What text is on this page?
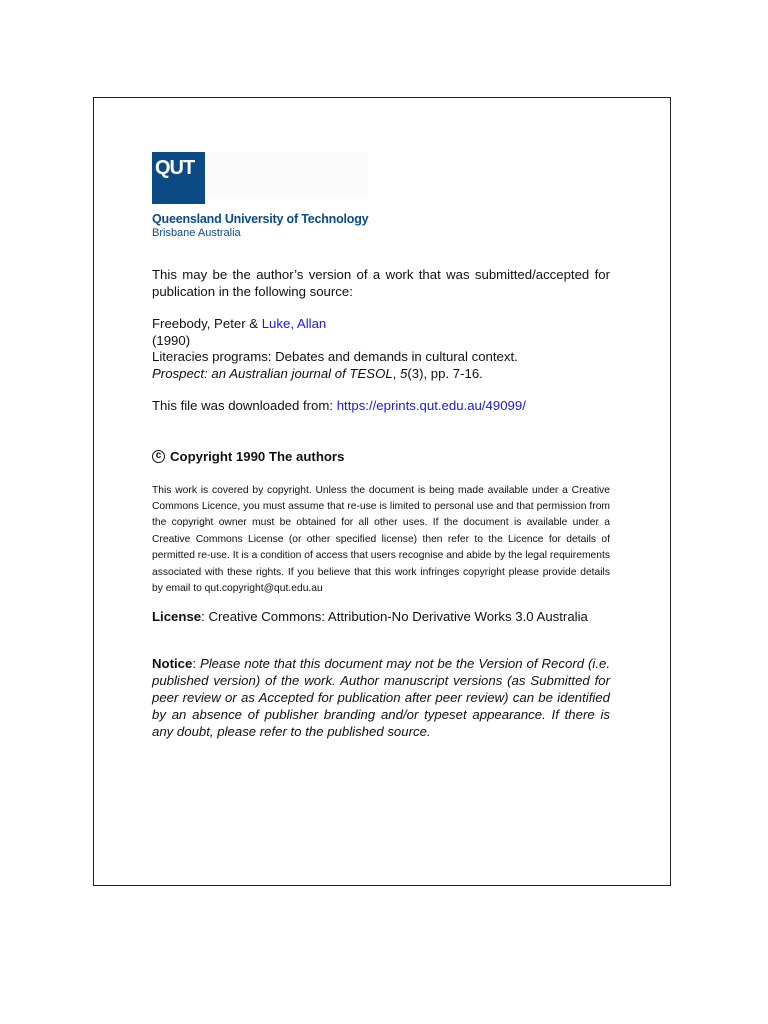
QUT
Queensland University of Technology
Brisbane Australia
This may be the author’s version of a work that was submitted/accepted for publication in the following source:
Freebody, Peter & Luke, Allan
(1990)
Literacies programs: Debates and demands in cultural context.
Prospect: an Australian journal of TESOL, 5(3), pp. 7-16.
This file was downloaded from: https://eprints.qut.edu.au/49099/
c Copyright 1990 The authors
This work is covered by copyright. Unless the document is being made available under a Creative Commons Licence, you must assume that re-use is limited to personal use and that permission from the copyright owner must be obtained for all other uses. If the document is available under a Creative Commons License (or other specified license) then refer to the Licence for details of permitted re-use. It is a condition of access that users recognise and abide by the legal requirements associated with these rights. If you believe that this work infringes copyright please provide details by email to qut.copyright@qut.edu.au
License: Creative Commons: Attribution-No Derivative Works 3.0 Australia
Notice: Please note that this document may not be the Version of Record (i.e. published version) of the work. Author manuscript versions (as Submitted for peer review or as Accepted for publication after peer review) can be identified by an absence of publisher branding and/or typeset appearance. If there is any doubt, please refer to the published source.
